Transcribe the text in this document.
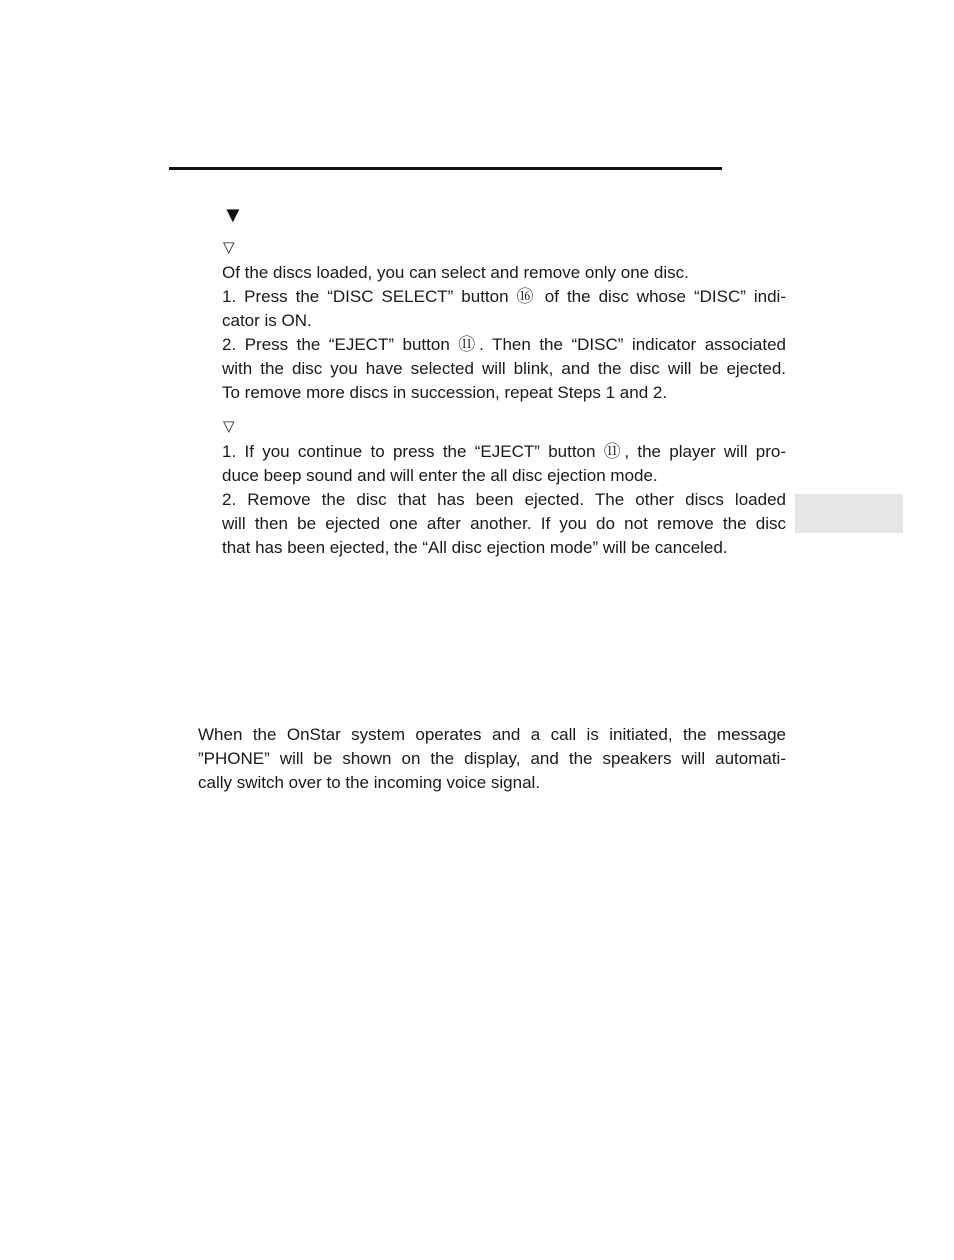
▼
▽
Of the discs loaded, you can select and remove only one disc.
1. Press the “DISC SELECT” button ⑯ of the disc whose “DISC” indi-
cator is ON.
2. Press the “EJECT” button ⑪. Then the “DISC” indicator associated
with the disc you have selected will blink, and the disc will be ejected.
To remove more discs in succession, repeat Steps 1 and 2.
▽
1. If you continue to press the “EJECT” button ⑪, the player will pro-
duce beep sound and will enter the all disc ejection mode.
2. Remove the disc that has been ejected. The other discs loaded
will then be ejected one after another. If you do not remove the disc
that has been ejected, the “All disc ejection mode” will be canceled.
When the OnStar system operates and a call is initiated, the message
”PHONE” will be shown on the display, and the speakers will automati-
cally switch over to the incoming voice signal.
